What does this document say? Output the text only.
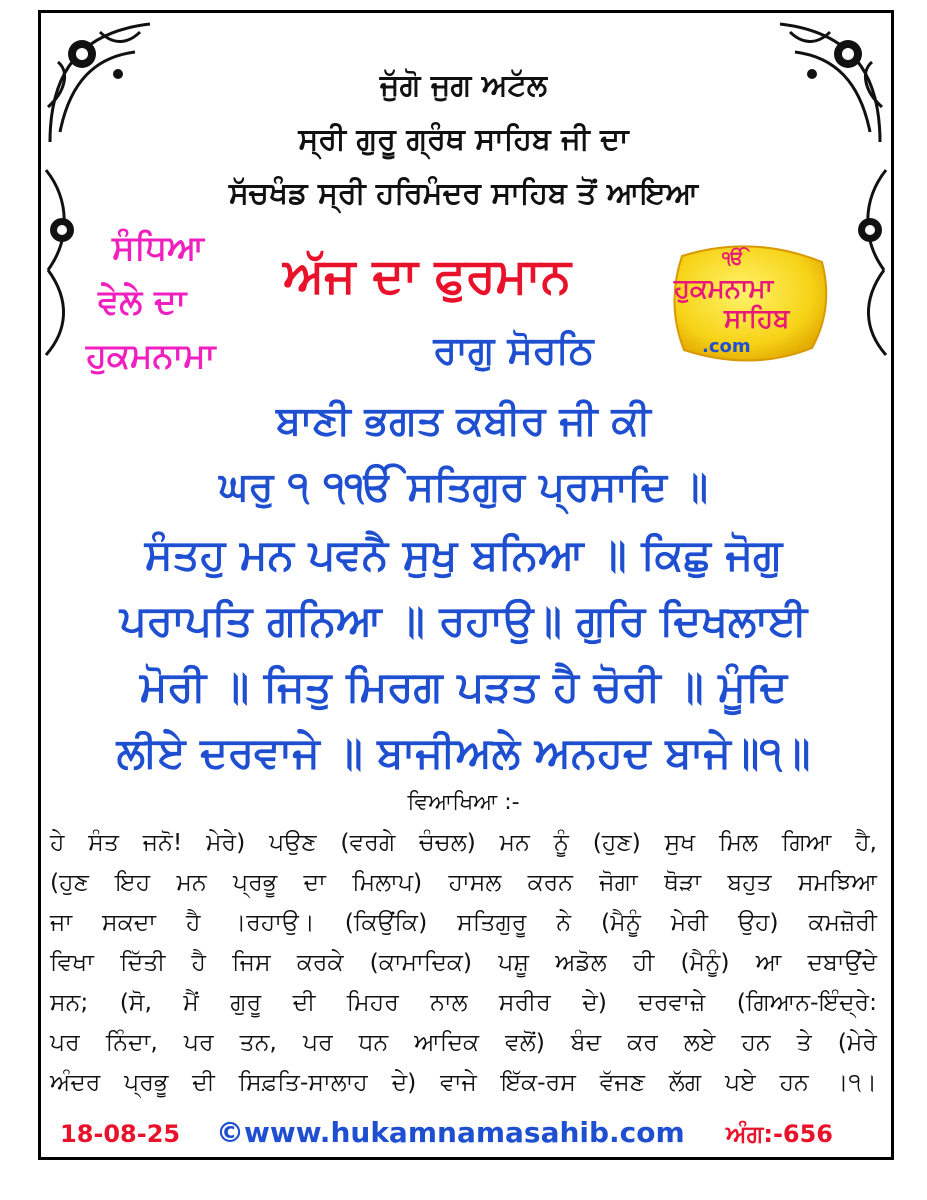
ਜੁੱਗੋ ਜੁਗ ਅਟੱਲ
ਸ੍ਰੀ ਗੁਰੂ ਗ੍ਰੰਥ ਸਾਹਿਬ ਜੀ ਦਾ
ਸੱਚਖੰਡ ਸ੍ਰੀ ਹਰਿਮੰਦਰ ਸਾਹਿਬ ਤੋਂ ਆਇਆ
ਸੰਧਿਆ
ਵੇਲੇ ਦਾ
ਹੁਕਮਨਾਮਾ
ਅੱਜ ਦਾ ਫੁਰਮਾਨ	ੴ
ਹੁਕਮਨਾਮਾ
ਸਾਹਿਬ
.com
ਰਾਗੁ ਸੋਰਠਿ
ਬਾਣੀ ਭਗਤ ਕਬੀਰ ਜੀ ਕੀ
ਘਰੁ ੧ ੧ੴ ਸਤਿਗੁਰ ਪ੍ਰਸਾਦਿ ॥
ਸੰਤਹੁ ਮਨ ਪਵਨੈ ਸੁਖੁ ਬਨਿਆ ॥ ਕਿਛੁ ਜੋਗੁ
ਪਰਾਪਤਿ ਗਨਿਆ ॥ ਰਹਾਉ॥ ਗੁਰਿ ਦਿਖਲਾਈ
ਮੋਰੀ ॥ ਜਿਤੁ ਮਿਰਗ ਪੜਤ ਹੈ ਚੋਰੀ ॥ ਮੂੰਦਿ
ਲੀਏ ਦਰਵਾਜੇ ॥ ਬਾਜੀਅਲੇ ਅਨਹਦ ਬਾਜੇ॥੧॥
ਵਿਆਖਿਆ :-
ਹੇ ਸੰਤ ਜਨੋ! ਮੇਰੇ) ਪਉਣ (ਵਰਗੇ ਚੰਚਲ) ਮਨ ਨੂੰ (ਹੁਣ) ਸੁਖ ਮਿਲ ਗਿਆ ਹੈ,
(ਹੁਣ ਇਹ ਮਨ ਪ੍ਰਭੂ ਦਾ ਮਿਲਾਪ) ਹਾਸਲ ਕਰਨ ਜੋਗਾ ਥੋੜਾ ਬਹੁਤ ਸਮਝਿਆ
ਜਾ ਸਕਦਾ ਹੈ ।ਰਹਾਉ। (ਕਿਉਂਕਿ) ਸਤਿਗੁਰੂ ਨੇ (ਮੈਨੂੰ ਮੇਰੀ ਉਹ) ਕਮਜ਼ੋਰੀ
ਵਿਖਾ ਦਿੱਤੀ ਹੈ ਜਿਸ ਕਰਕੇ (ਕਾਮਾਦਿਕ) ਪਸ਼ੂ ਅਡੋਲ ਹੀ (ਮੈਨੂੰ) ਆ ਦਬਾਉਂਦੇ
ਸਨ; (ਸੋ, ਮੈਂ ਗੁਰੂ ਦੀ ਮਿਹਰ ਨਾਲ ਸਰੀਰ ਦੇ) ਦਰਵਾਜ਼ੇ (ਗਿਆਨ-ਇੰਦ੍ਰੇ:
ਪਰ ਨਿੰਦਾ, ਪਰ ਤਨ, ਪਰ ਧਨ ਆਦਿਕ ਵਲੋਂ) ਬੰਦ ਕਰ ਲਏ ਹਨ ਤੇ (ਮੇਰੇ
ਅੰਦਰ ਪ੍ਰਭੂ ਦੀ ਸਿਫ਼ਤਿ-ਸਾਲਾਹ ਦੇ) ਵਾਜੇ ਇੱਕ-ਰਸ ਵੱਜਣ ਲੱਗ ਪਏ ਹਨ ।੧।
18-08-25 ©www.hukamnamasahib.com ਅੰਗ:-656
